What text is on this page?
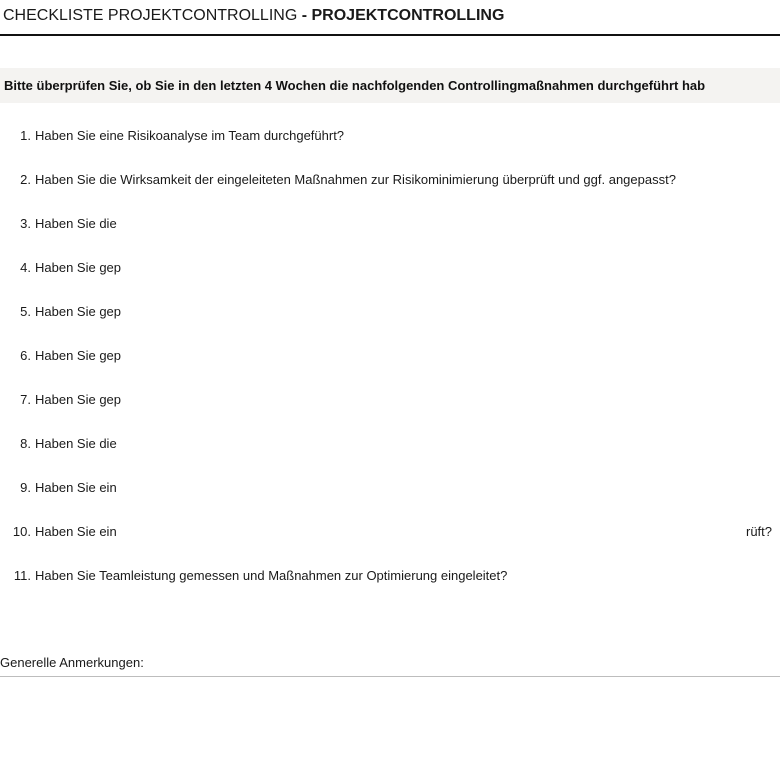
CHECKLISTE PROJEKTCONTROLLING - PROJEKTCONTROLLING
Bitte überprüfen Sie, ob Sie in den letzten 4 Wochen die nachfolgenden Controllingmaßnahmen durchgeführt hab
1. Haben Sie eine Risikoanalyse im Team durchgeführt?
2. Haben Sie die Wirksamkeit der eingeleiteten Maßnahmen zur Risikominimierung überprüft und ggf. angepasst?
3. Haben Sie die
4. Haben Sie gep
5. Haben Sie gep
6. Haben Sie gep
7. Haben Sie gep
8. Haben Sie die
9. Haben Sie ein
10. Haben Sie ein	rüft?
11. Haben Sie Teamleistung gemessen und Maßnahmen zur Optimierung eingeleitet?
Generelle Anmerkungen:
